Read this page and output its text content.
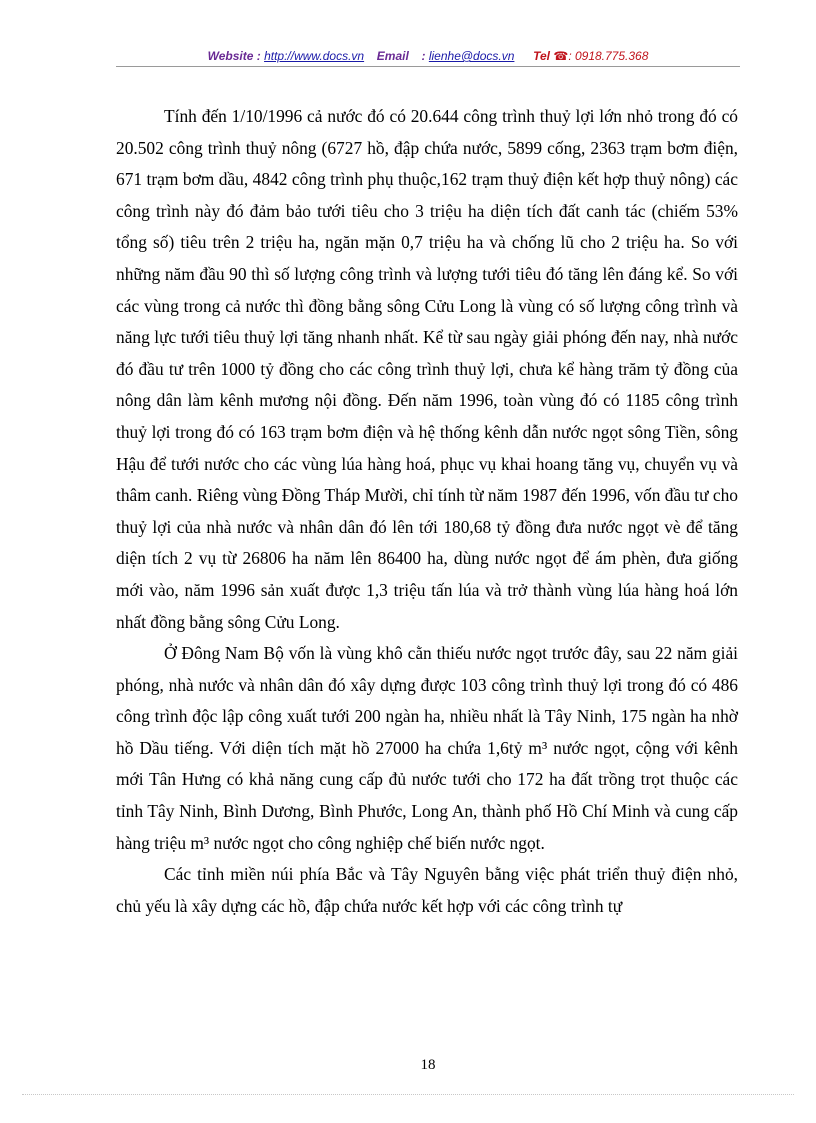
Website : http://www.docs.vn Email : lienhe@docs.vn Tel ☎: 0918.775.368

Tính đến 1/10/1996 cả nước đó có 20.644 công trình thuỷ lợi lớn nhỏ trong đó có 20.502 công trình thuỷ nông (6727 hồ, đập chứa nước, 5899 cống, 2363 trạm bơm điện, 671 trạm bơm dầu, 4842 công trình phụ thuộc,162 trạm thuỷ điện kết hợp thuỷ nông) các công trình này đó đảm bảo tưới tiêu cho 3 triệu ha diện tích đất canh tác (chiếm 53% tổng số) tiêu trên 2 triệu ha, ngăn mặn 0,7 triệu ha và chống lũ cho 2 triệu ha. So với những năm đầu 90 thì số lượng công trình và lượng tưới tiêu đó tăng lên đáng kể. So với các vùng trong cả nước thì đồng bằng sông Cửu Long là vùng có số lượng công trình và năng lực tưới tiêu thuỷ lợi tăng nhanh nhất. Kể từ sau ngày giải phóng đến nay, nhà nước đó đầu tư trên 1000 tỷ đồng cho các công trình thuỷ lợi, chưa kể hàng trăm tỷ đồng của nông dân làm kênh mương nội đồng. Đến năm 1996, toàn vùng đó có 1185 công trình thuỷ lợi trong đó có 163 trạm bơm điện và hệ thống kênh dẫn nước ngọt sông Tiền, sông Hậu để tưới nước cho các vùng lúa hàng hoá, phục vụ khai hoang tăng vụ, chuyển vụ và thâm canh. Riêng vùng Đồng Tháp Mười, chỉ tính từ năm 1987 đến 1996, vốn đầu tư cho thuỷ lợi của nhà nước và nhân dân đó lên tới 180,68 tỷ đồng đưa nước ngọt vè để tăng diện tích 2 vụ từ 26806 ha năm lên 86400 ha, dùng nước ngọt để ám phèn, đưa giống mới vào, năm 1996 sản xuất được 1,3 triệu tấn lúa và trở thành vùng lúa hàng hoá lớn nhất đồng bằng sông Cửu Long.

Ở Đông Nam Bộ vốn là vùng khô cằn thiếu nước ngọt trước đây, sau 22 năm giải phóng, nhà nước và nhân dân đó xây dựng được 103 công trình thuỷ lợi trong đó có 486 công trình độc lập công xuất tưới 200 ngàn ha, nhiều nhất là Tây Ninh, 175 ngàn ha nhờ hồ Dầu tiếng. Với diện tích mặt hồ 27000 ha chứa 1,6tỷ m³ nước ngọt, cộng với kênh mới Tân Hưng có khả năng cung cấp đủ nước tưới cho 172 ha đất trồng trọt thuộc các tỉnh Tây Ninh, Bình Dương, Bình Phước, Long An, thành phố Hồ Chí Minh và cung cấp hàng triệu m³ nước ngọt cho công nghiệp chế biến nước ngọt.

Các tỉnh miền núi phía Bắc và Tây Nguyên bằng việc phát triển thuỷ điện nhỏ, chủ yếu là xây dựng các hồ, đập chứa nước kết hợp với các công trình tự

18
